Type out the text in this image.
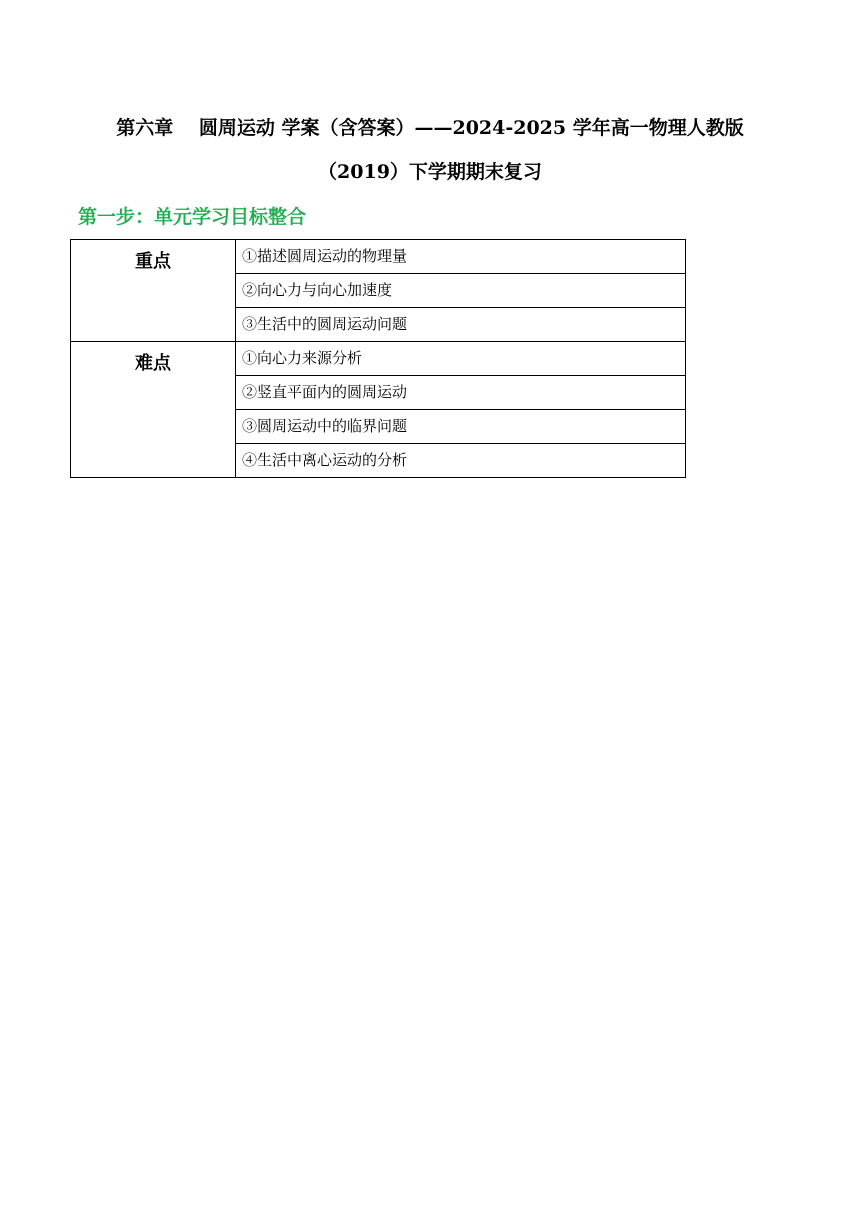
第六章　 圆周运动 学案（含答案）——2024-2025 学年高一物理人教版
（2019）下学期期末复习
第一步：单元学习目标整合
重点	①描述圆周运动的物理量
	②向心力与向心加速度
	③生活中的圆周运动问题
难点	①向心力来源分析
	②竖直平面内的圆周运动
	③圆周运动中的临界问题
	④生活中离心运动的分析
